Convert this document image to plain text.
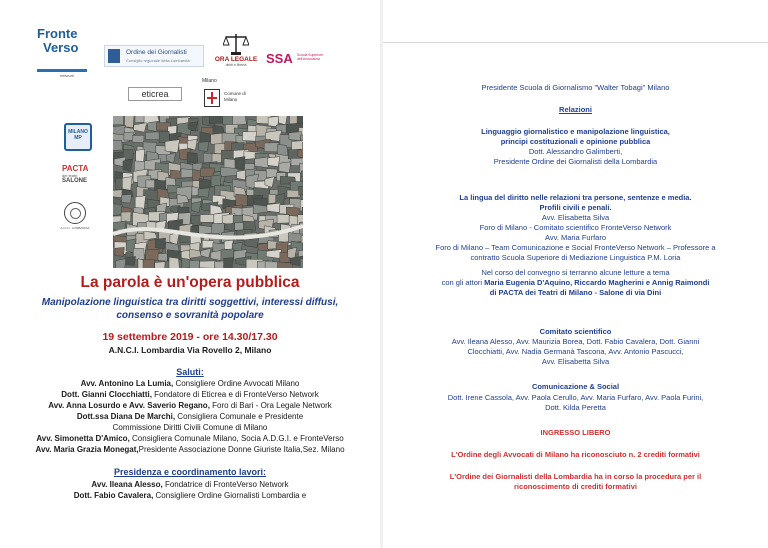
Fronte
Verso
network
Ordine dei Giornalisti
Consiglio regionale della Lombardia	ORA LEGALE
diritti e libertà	SSA Scuola Superiore dell'Avvocatura
eticrea
Milano
Comune di Milano
MILANO MP
PACTA
dei teatri
SALONE
A.N.C.I. LOMBARDIA
La parola è un'opera pubblica
Manipolazione linguistica tra diritti soggettivi, interessi diffusi,
consenso e sovranità popolare
19 settembre 2019 - ore 14.30/17.30
A.N.C.I. Lombardia Via Rovello 2, Milano
Saluti:
Avv. Antonino La Lumia, Consigliere Ordine Avvocati Milano
Dott. Gianni Clocchiatti, Fondatore di Eticrea e di FronteVerso Network
Avv. Anna Losurdo e Avv. Saverio Regano, Foro di Bari - Ora Legale Network
Dott.ssa Diana De Marchi, Consigliera Comunale e Presidente
Commissione Diritti Civili Comune di Milano
Avv. Simonetta D'Amico, Consigliera Comunale Milano, Socia A.D.G.I. e FronteVerso
Avv. Maria Grazia Monegat,Presidente Associazione Donne Giuriste Italia,Sez. Milano
Presidenza e coordinamento lavori:
Avv. Ileana Alesso, Fondatrice di FronteVerso Network
Dott. Fabio Cavalera, Consigliere Ordine Giornalisti Lombardia e
Presidente Scuola di Giornalismo "Walter Tobagi" Milano
Relazioni
Linguaggio giornalistico e manipolazione linguistica,
principi costituzionali e opinione pubblica
Dott. Alessandro Galimberti,
Presidente Ordine dei Giornalisti della Lombardia
La lingua del diritto nelle relazioni tra persone, sentenze e media.
Profili civili e penali.
Avv. Elisabetta Silva
Foro di Milano - Comitato scientifico FronteVerso Network
Avv. Maria Furfaro
Foro di Milano – Team Comunicazione e Social FronteVerso Network – Professore a
contratto Scuola Superiore di Mediazione Linguistica P.M. Loria
Nel corso del convegno si terranno alcune letture a tema
con gli attori Maria Eugenia D'Aquino, Riccardo Magherini e Annig Raimondi
di PACTA dei Teatri di Milano - Salone di via Dini
Comitato scientifico
Avv. Ileana Alesso, Avv. Maurizia Borea, Dott. Fabio Cavalera, Dott. Gianni
Clocchiatti, Avv. Nadia Germanà Tascona, Avv. Antonio Pascucci,
Avv. Elisabetta Silva
Comunicazione & Social
Dott. Irene Cassola, Avv. Paola Cerullo, Avv. Maria Furfaro, Avv. Paola Furini,
Dott. Kilda Peretta
INGRESSO LIBERO
L'Ordine degli Avvocati di Milano ha riconosciuto n. 2 crediti formativi
L'Ordine dei Giornalisti della Lombardia ha in corso la procedura per il
riconoscimento di crediti formativi
